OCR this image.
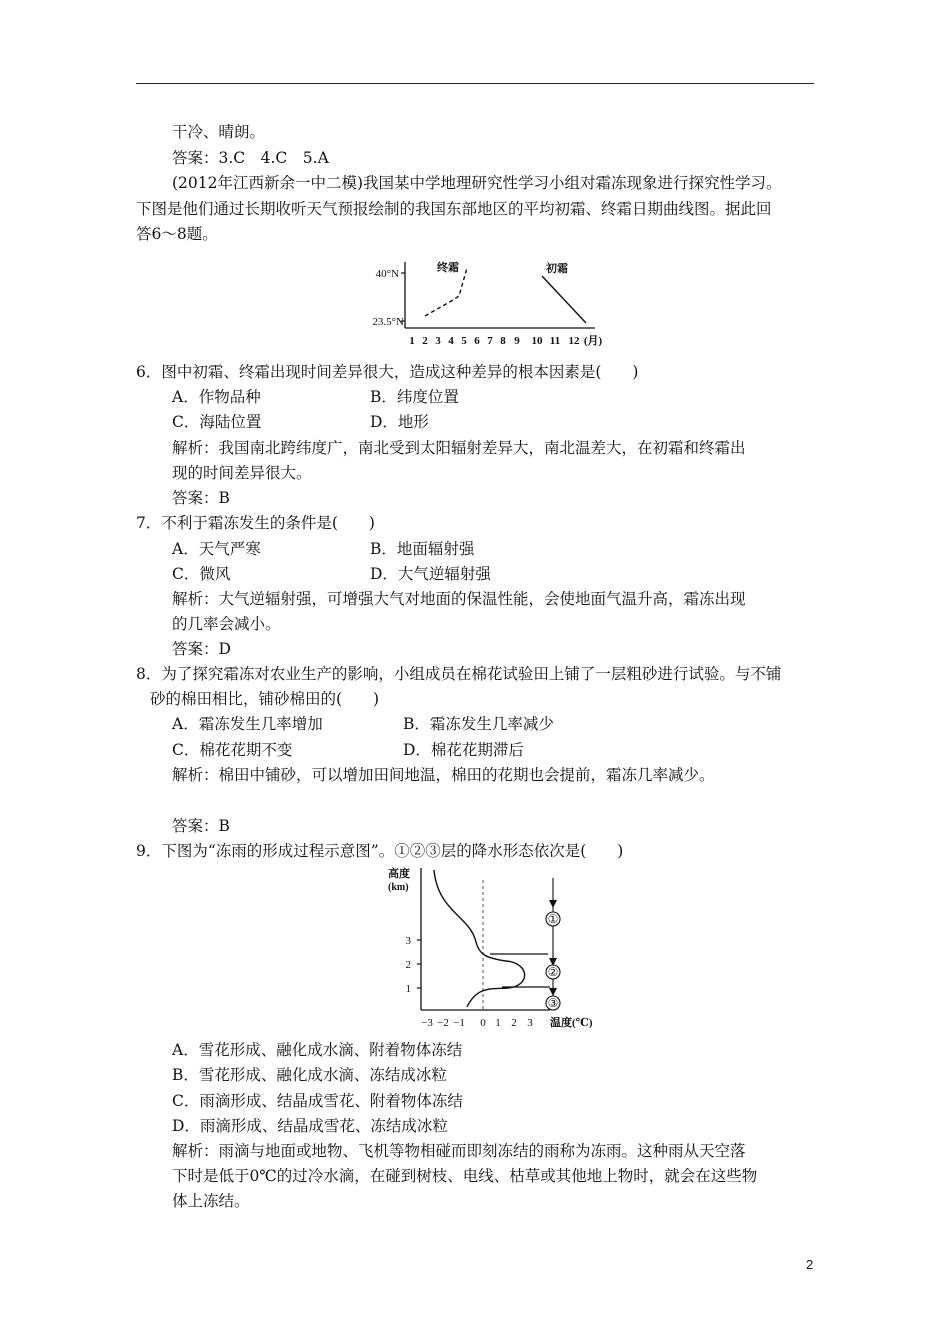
干冷、晴朗。
答案：3.C　4.C　5.A
(2012年江西新余一中二模)我国某中学地理研究性学习小组对霜冻现象进行探究性学习。
下图是他们通过长期收听天气预报绘制的我国东部地区的平均初霜、终霜日期曲线图。据此回
答6～8题。
40°N
23.5°N
终霜	初霜
1 2 3 4 5 6 7 8 9 10 11 12 (月)
6．图中初霜、终霜出现时间差异很大，造成这种差异的根本因素是(　　)
A．作物品种	B．纬度位置
C．海陆位置	D．地形
解析：我国南北跨纬度广，南北受到太阳辐射差异大，南北温差大，在初霜和终霜出
现的时间差异很大。
答案：B
7．不利于霜冻发生的条件是(　　)
A．天气严寒	B．地面辐射强
C．微风	D．大气逆辐射强
解析：大气逆辐射强，可增强大气对地面的保温性能，会使地面气温升高，霜冻出现
的几率会减小。
答案：D
8．为了探究霜冻对农业生产的影响，小组成员在棉花试验田上铺了一层粗砂进行试验。与不铺
砂的棉田相比，铺砂棉田的(　　)
A．霜冻发生几率增加	B．霜冻发生几率减少
C．棉花花期不变	D．棉花花期滞后
解析：棉田中铺砂，可以增加田间地温，棉田的花期也会提前，霜冻几率减少。
答案：B
9．下图为“冻雨的形成过程示意图”。①②③层的降水形态依次是(　　)
高度
(km)
3
2
1
①
②
③
−3 −2 −1 0 1 2 3 温度(℃)
A．雪花形成、融化成水滴、附着物体冻结
B．雪花形成、融化成水滴、冻结成冰粒
C．雨滴形成、结晶成雪花、附着物体冻结
D．雨滴形成、结晶成雪花、冻结成冰粒
解析：雨滴与地面或地物、飞机等物相碰而即刻冻结的雨称为冻雨。这种雨从天空落
下时是低于0℃的过冷水滴，在碰到树枝、电线、枯草或其他地上物时，就会在这些物
体上冻结。
2
